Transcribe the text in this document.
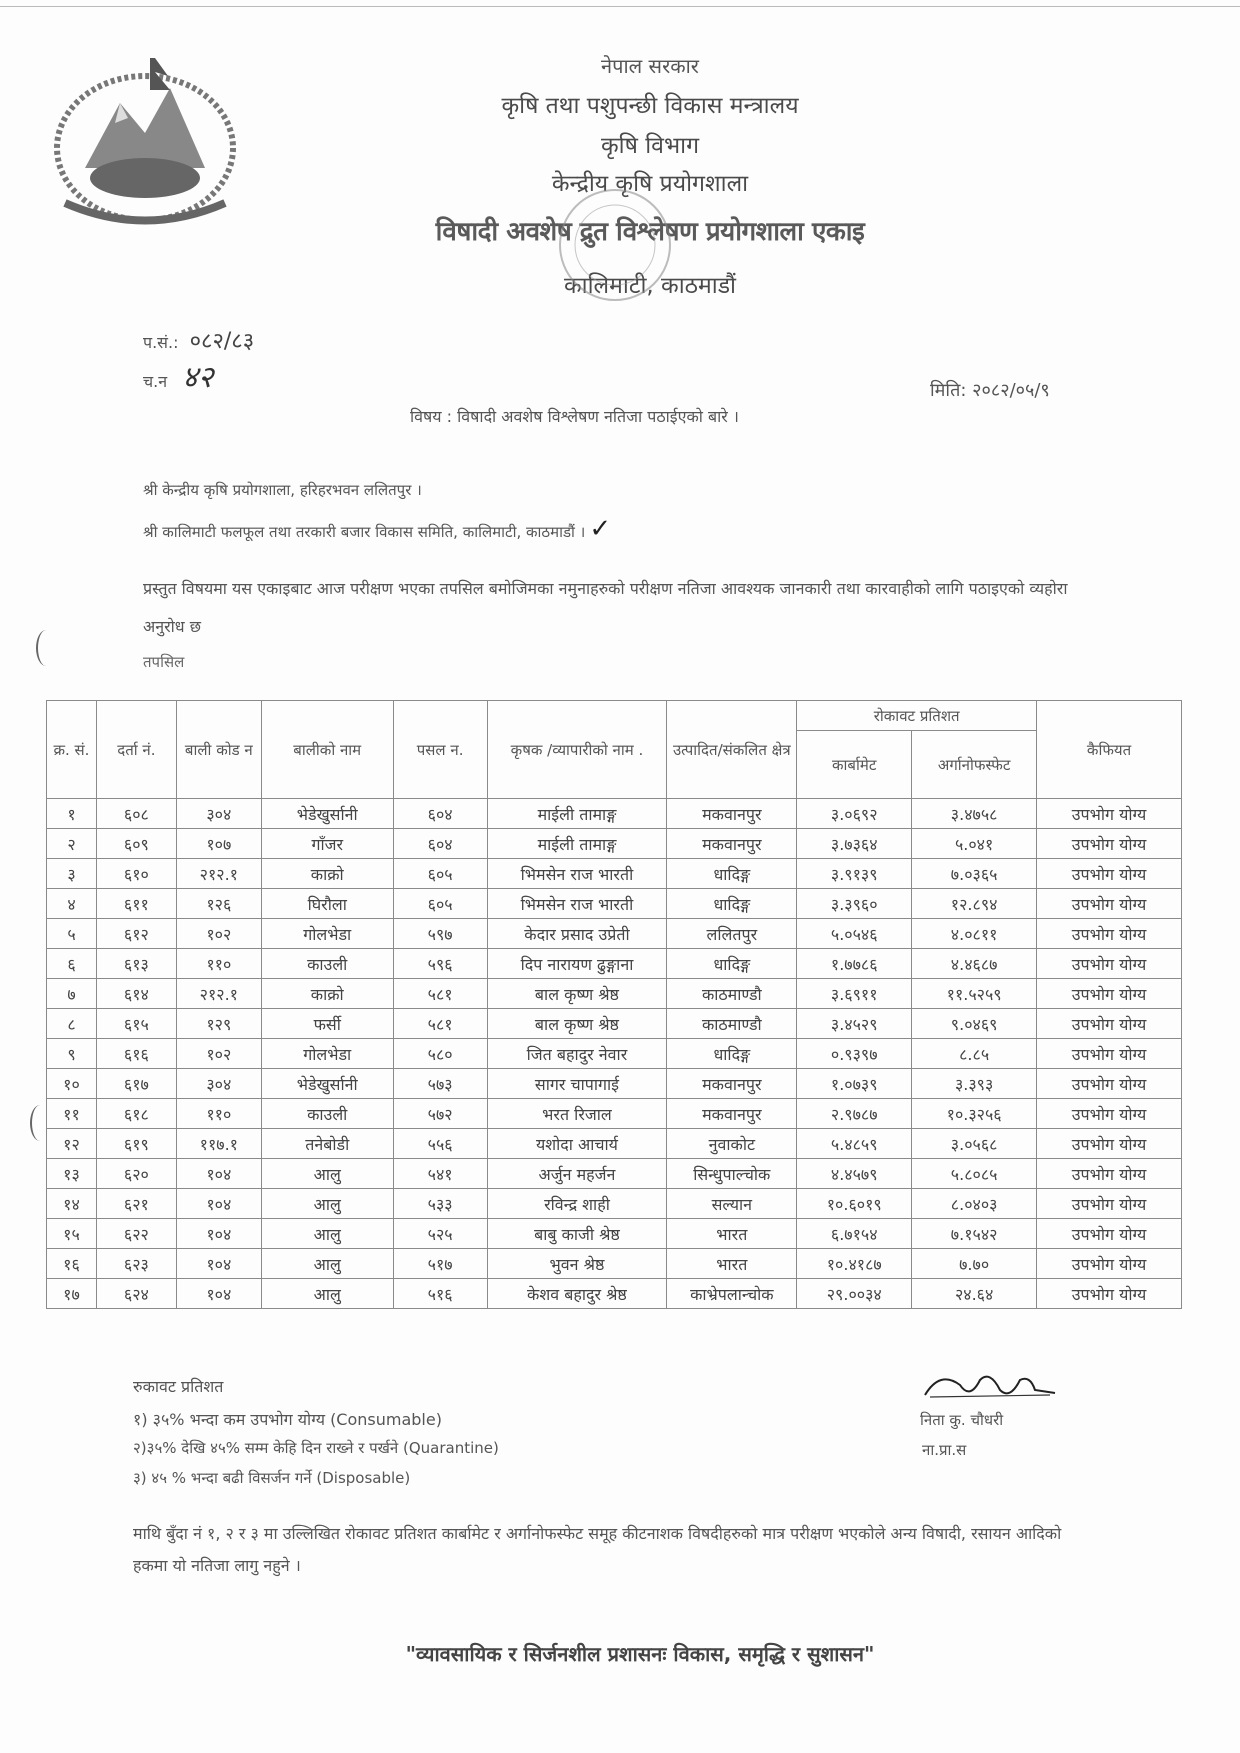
नेपाल सरकार
कृषि तथा पशुपन्छी विकास मन्त्रालय
कृषि विभाग
केन्द्रीय कृषि प्रयोगशाला
विषादी अवशेष द्रुत विश्लेषण प्रयोगशाला एकाइ
कालिमाटी, काठमाडौं
प.सं.: ०८२/८३
च.न ४२	मिति: २०८२/०५/९
विषय : विषादी अवशेष विश्लेषण नतिजा पठाईएको बारे ।
श्री केन्द्रीय कृषि प्रयोगशाला, हरिहरभवन ललितपुर ।
श्री कालिमाटी फलफूल तथा तरकारी बजार विकास समिति, कालिमाटी, काठमाडौं । ✓
प्रस्तुत विषयमा यस एकाइबाट आज परीक्षण भएका तपसिल बमोजिमका नमुनाहरुको परीक्षण नतिजा आवश्यक जानकारी तथा कारवाहीको लागि पठाइएको व्यहोरा अनुरोध छ
तपसिल
क्र. सं.	दर्ता नं.	बाली कोड न	बालीको नाम	पसल न.	कृषक /व्यापारीको नाम .	उत्पादित/संकलित क्षेत्र	रोकावट प्रतिशत		कैफियत
							कार्बामेट	अर्गानोफस्फेट	
१	६०८	३०४	भेडेखुर्सानी	६०४	माईली तामाङ्ग	मकवानपुर	३.०६९२	३.४७५८	उपभोग योग्य
२	६०९	१०७	गाँजर	६०४	माईली तामाङ्ग	मकवानपुर	३.७३६४	५.०४१	उपभोग योग्य
३	६१०	२१२.१	काक्रो	६०५	भिमसेन राज भारती	धादिङ्ग	३.९१३९	७.०३६५	उपभोग योग्य
४	६११	१२६	घिरौला	६०५	भिमसेन राज भारती	धादिङ्ग	३.३९६०	१२.८९४	उपभोग योग्य
५	६१२	१०२	गोलभेडा	५९७	केदार प्रसाद उप्रेती	ललितपुर	५.०५४६	४.०८११	उपभोग योग्य
६	६१३	११०	काउली	५९६	दिप नारायण ढुङ्गाना	धादिङ्ग	१.७७८६	४.४६८७	उपभोग योग्य
७	६१४	२१२.१	काक्रो	५८१	बाल कृष्ण श्रेष्ठ	काठमाण्डौ	३.६९११	११.५२५९	उपभोग योग्य
८	६१५	१२९	फर्सी	५८१	बाल कृष्ण श्रेष्ठ	काठमाण्डौ	३.४५२९	९.०४६९	उपभोग योग्य
९	६१६	१०२	गोलभेडा	५८०	जित बहादुर नेवार	धादिङ्ग	०.९३९७	८.८५	उपभोग योग्य
१०	६१७	३०४	भेडेखुर्सानी	५७३	सागर चापागाई	मकवानपुर	१.०७३९	३.३९३	उपभोग योग्य
११	६१८	११०	काउली	५७२	भरत रिजाल	मकवानपुर	२.९७८७	१०.३२५६	उपभोग योग्य
१२	६१९	११७.१	तनेबोडी	५५६	यशोदा आचार्य	नुवाकोट	५.४८५९	३.०५६८	उपभोग योग्य
१३	६२०	१०४	आलु	५४१	अर्जुन महर्जन	सिन्धुपाल्चोक	४.४५७९	५.८०८५	उपभोग योग्य
१४	६२१	१०४	आलु	५३३	रविन्द्र शाही	सल्यान	१०.६०१९	८.०४०३	उपभोग योग्य
१५	६२२	१०४	आलु	५२५	बाबु काजी श्रेष्ठ	भारत	६.७१५४	७.१५४२	उपभोग योग्य
१६	६२३	१०४	आलु	५१७	भुवन श्रेष्ठ	भारत	१०.४१८७	७.७०	उपभोग योग्य
१७	६२४	१०४	आलु	५१६	केशव बहादुर श्रेष्ठ	काभ्रेपलान्चोक	२९.००३४	२४.६४	उपभोग योग्य
रुकावट प्रतिशत
१) ३५% भन्दा कम उपभोग योग्य (Consumable)
२)३५% देखि ४५% सम्म केहि दिन राख्ने र पर्खने (Quarantine)
३) ४५ % भन्दा बढी विसर्जन गर्ने (Disposable)
निता कु. चौधरी
ना.प्रा.स
माथि बुँदा नं १, २ र ३ मा उल्लिखित रोकावट प्रतिशत कार्बामेट र अर्गानोफस्फेट समूह कीटनाशक विषदीहरुको मात्र परीक्षण भएकोले अन्य विषादी, रसायन आदिको हकमा यो नतिजा लागु नहुने ।
"व्यावसायिक र सिर्जनशील प्रशासनः विकास, समृद्धि र सुशासन"
